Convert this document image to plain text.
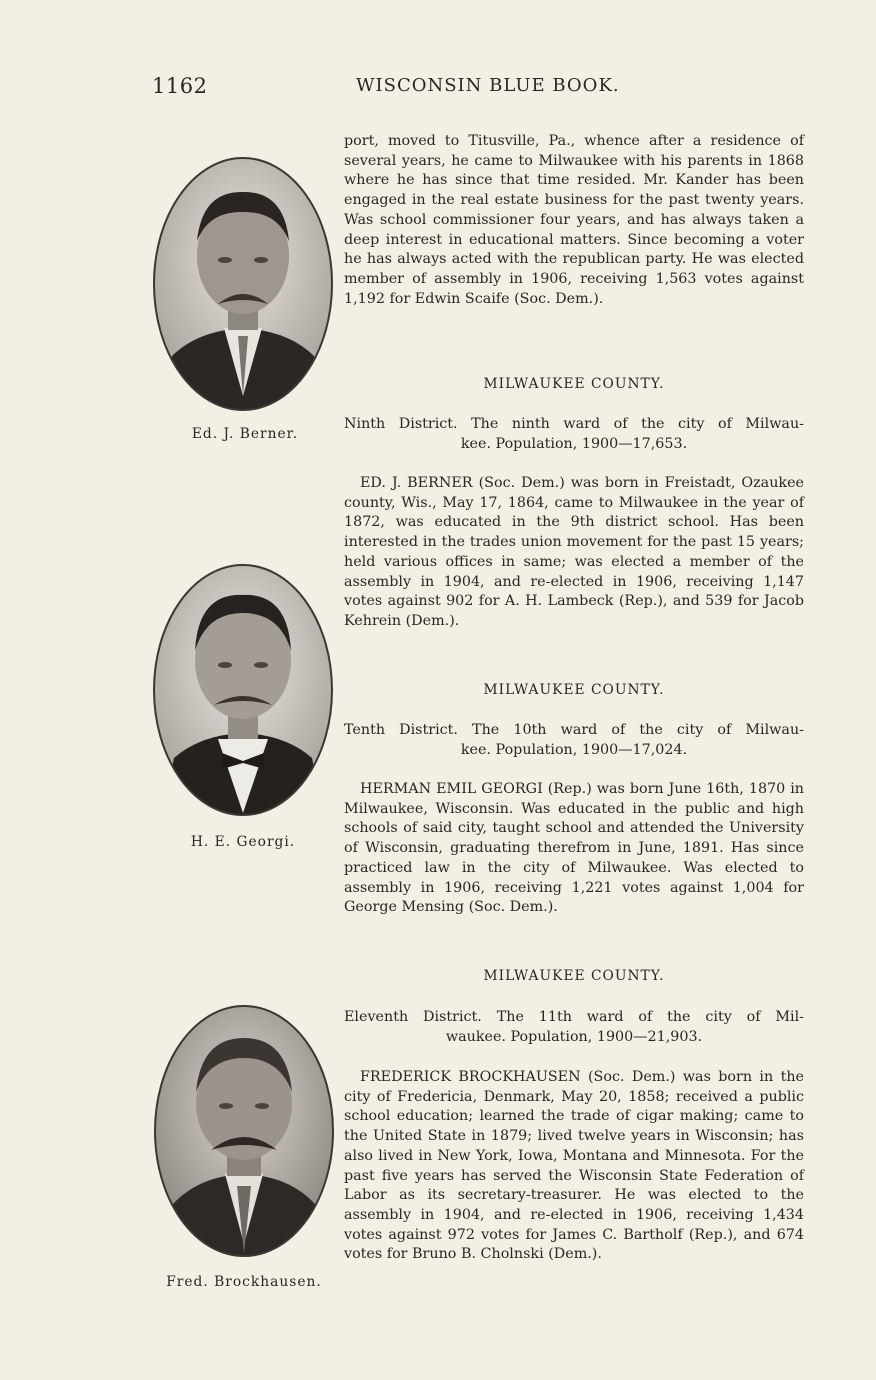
1162	WISCONSIN BLUE BOOK.
Ed. J. Berner.
H. E. Georgi.
Fred. Brockhausen.

port, moved to Titusville, Pa., whence after a residence of several years, he came to Milwaukee with his parents in 1868 where he has since that time resided. Mr. Kander has been engaged in the real estate business for the past twenty years. Was school commissioner four years, and has always taken a deep interest in educational matters. Since becoming a voter he has always acted with the republican party. He was elected member of assembly in 1906, receiving 1,563 votes against 1,192 for Edwin Scaife (Soc. Dem.).

MILWAUKEE COUNTY.
Ninth District. The ninth ward of the city of Milwau-
kee. Population, 1900—17,653.

ED. J. BERNER (Soc. Dem.) was born in Freistadt, Ozaukee county, Wis., May 17, 1864, came to Milwaukee in the year of 1872, was educated in the 9th district school. Has been interested in the trades union movement for the past 15 years; held various offices in same; was elected a member of the assembly in 1904, and re-elected in 1906, receiving 1,147 votes against 902 for A. H. Lambeck (Rep.), and 539 for Jacob Kehrein (Dem.).

MILWAUKEE COUNTY.
Tenth District. The 10th ward of the city of Milwau-
kee. Population, 1900—17,024.

HERMAN EMIL GEORGI (Rep.) was born June 16th, 1870 in Milwaukee, Wisconsin. Was educated in the public and high schools of said city, taught school and attended the University of Wisconsin, graduating therefrom in June, 1891. Has since practiced law in the city of Milwaukee. Was elected to assembly in 1906, receiving 1,221 votes against 1,004 for George Mensing (Soc. Dem.).

MILWAUKEE COUNTY.
Eleventh District. The 11th ward of the city of Mil-
waukee. Population, 1900—21,903.

FREDERICK BROCKHAUSEN (Soc. Dem.) was born in the city of Fredericia, Denmark, May 20, 1858; received a public school education; learned the trade of cigar making; came to the United State in 1879; lived twelve years in Wisconsin; has also lived in New York, Iowa, Montana and Minnesota. For the past five years has served the Wisconsin State Federation of Labor as its secretary-treasurer. He was elected to the assembly in 1904, and re-elected in 1906, receiving 1,434 votes against 972 votes for James C. Bartholf (Rep.), and 674 votes for Bruno B. Cholnski (Dem.).
